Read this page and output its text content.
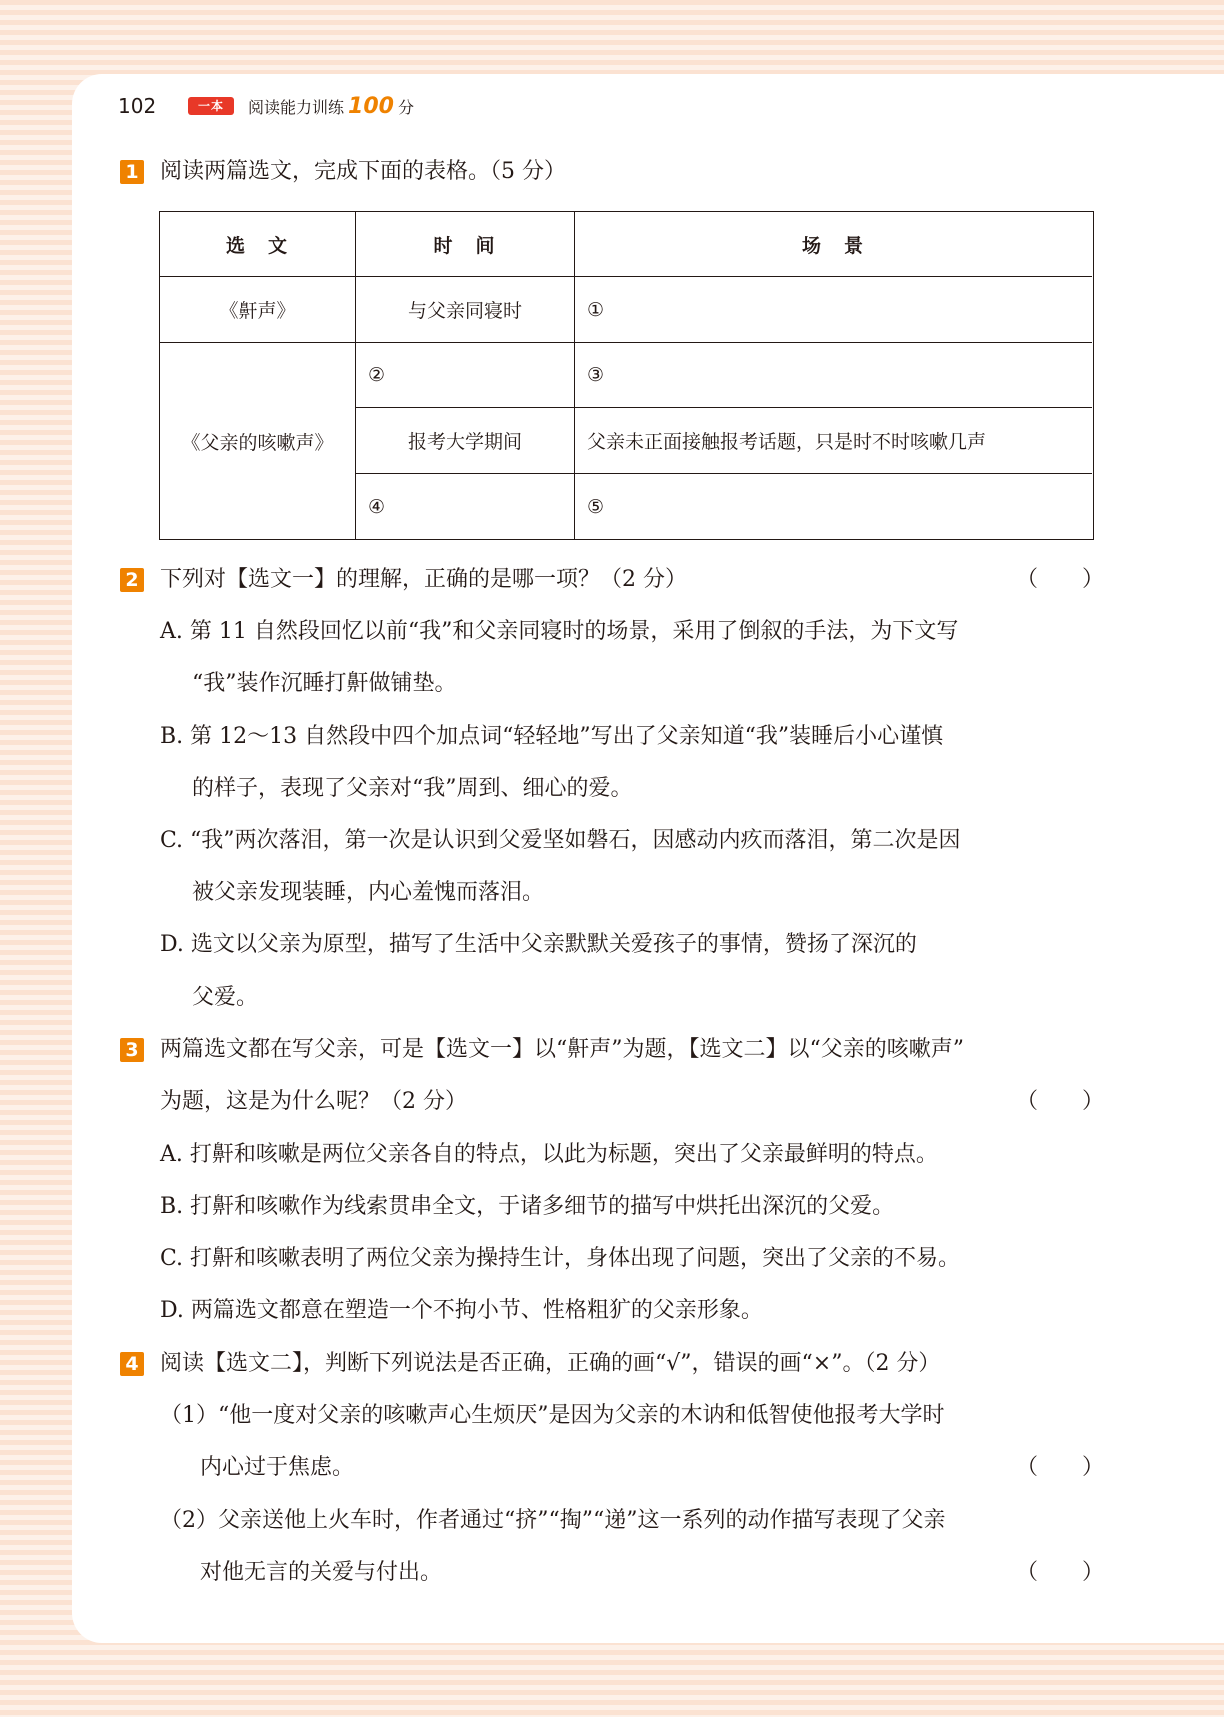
102	一本	阅读能力训练 100 分
1 阅读两篇选文，完成下面的表格。（5 分）
选　文	时　间	场　景
《鼾声》	与父亲同寝时	①
《父亲的咳嗽声》
②	③
报考大学期间	父亲未正面接触报考话题，只是时不时咳嗽几声
④	⑤
2 下列对【选文一】的理解，正确的是哪一项？（2 分）	（　　）
A. 第 11 自然段回忆以前“我”和父亲同寝时的场景，采用了倒叙的手法，为下文写
“我”装作沉睡打鼾做铺垫。
B. 第 12～13 自然段中四个加点词“轻轻地”写出了父亲知道“我”装睡后小心谨慎
的样子，表现了父亲对“我”周到、细心的爱。
C. “我”两次落泪，第一次是认识到父爱坚如磐石，因感动内疚而落泪，第二次是因
被父亲发现装睡，内心羞愧而落泪。
D. 选文以父亲为原型，描写了生活中父亲默默关爱孩子的事情，赞扬了深沉的
父爱。
3 两篇选文都在写父亲，可是【选文一】以“鼾声”为题，【选文二】以“父亲的咳嗽声”
为题，这是为什么呢？（2 分）	（　　）
A. 打鼾和咳嗽是两位父亲各自的特点，以此为标题，突出了父亲最鲜明的特点。
B. 打鼾和咳嗽作为线索贯串全文，于诸多细节的描写中烘托出深沉的父爱。
C. 打鼾和咳嗽表明了两位父亲为操持生计，身体出现了问题，突出了父亲的不易。
D. 两篇选文都意在塑造一个不拘小节、性格粗犷的父亲形象。
4 阅读【选文二】，判断下列说法是否正确，正确的画“√”，错误的画“×”。（2 分）
（1）“他一度对父亲的咳嗽声心生烦厌”是因为父亲的木讷和低智使他报考大学时
内心过于焦虑。	（　　）
（2）父亲送他上火车时，作者通过“挤”“掏”“递”这一系列的动作描写表现了父亲
对他无言的关爱与付出。	（　　）
